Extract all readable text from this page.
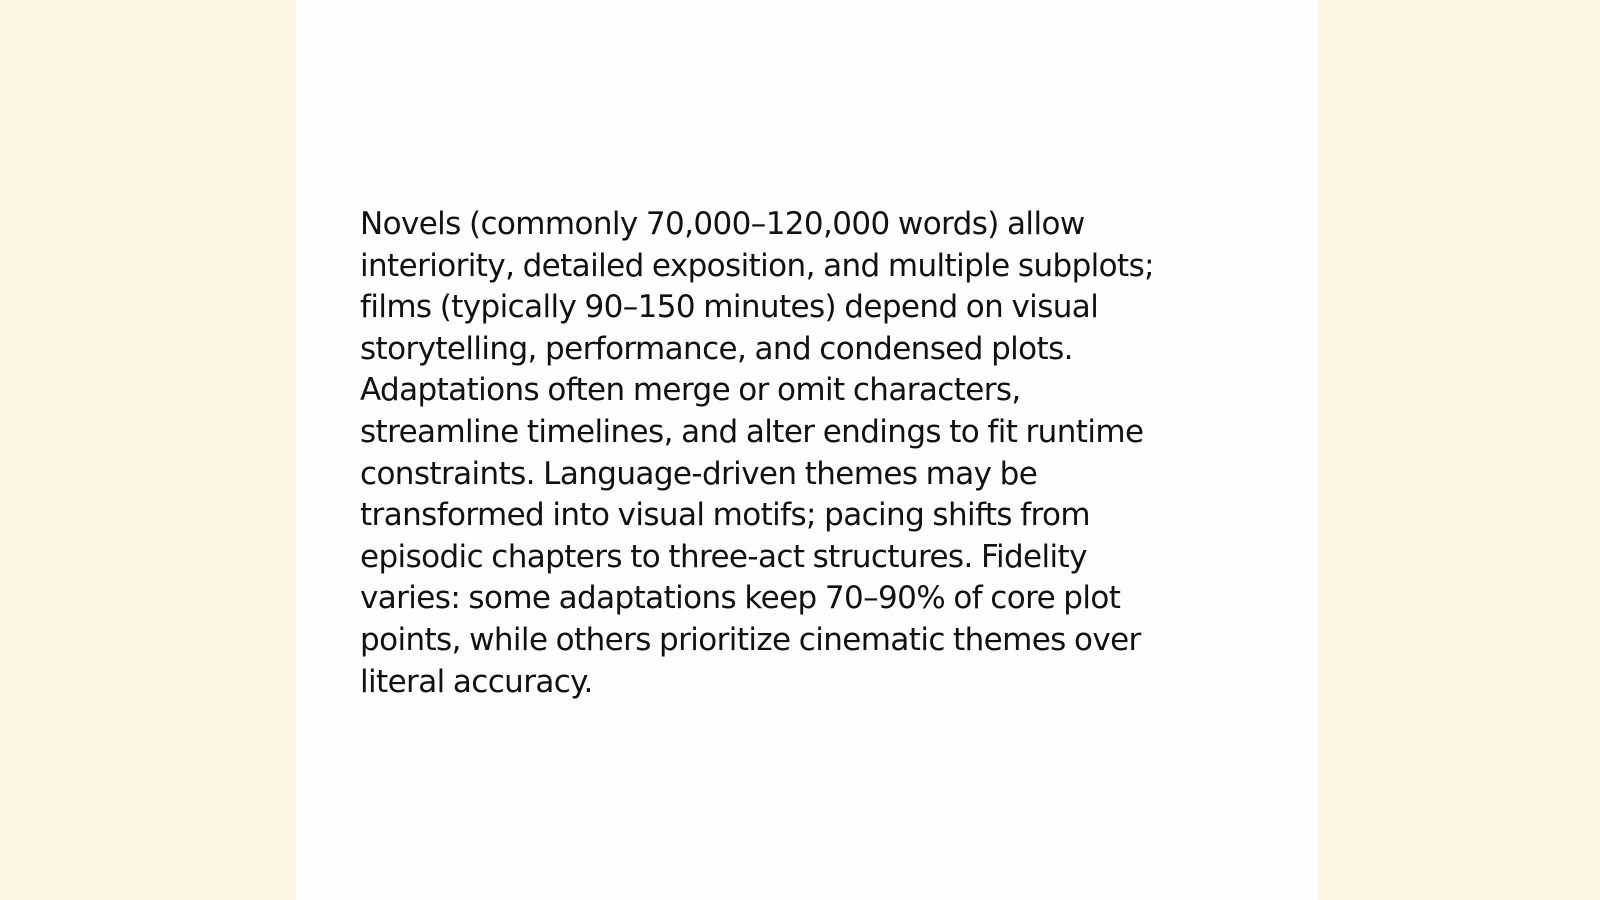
Novels (commonly 70,000–120,000 words) allow
interiority, detailed exposition, and multiple subplots;
films (typically 90–150 minutes) depend on visual
storytelling, performance, and condensed plots.
Adaptations often merge or omit characters,
streamline timelines, and alter endings to fit runtime
constraints. Language-driven themes may be
transformed into visual motifs; pacing shifts from
episodic chapters to three-act structures. Fidelity
varies: some adaptations keep 70–90% of core plot
points, while others prioritize cinematic themes over
literal accuracy.
